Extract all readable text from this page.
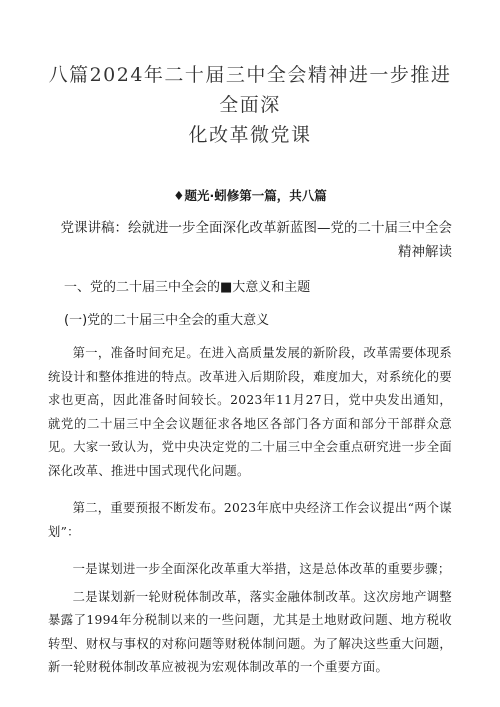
八篇2024年二十届三中全会精神进一步推进全面深
化改革微党课
♦题光·蚓修第一篇，共八篇
党课讲稿：绘就进一步全面深化改革新蓝图—党的二十届三中全会精神解读
一、党的二十届三中全会的■大意义和主题
(一)党的二十届三中全会的重大意义

第一，准备时间充足。在进入高质量发展的新阶段，改革需要体现系统设计和整体推进的特点。改革进入后期阶段，难度加大，对系统化的要求也更高，因此准备时间较长。2023年11月27日，党中央发出通知，就党的二十届三中全会议题征求各地区各部门各方面和部分干部群众意见。大家一致认为，党中央决定党的二十届三中全会重点研究进一步全面深化改革、推进中国式现代化问题。

第二，重要预报不断发布。2023年底中央经济工作会议提出“两个谋划”：

一是谋划进一步全面深化改革重大举措，这是总体改革的重要步骤；

二是谋划新一轮财税体制改革，落实金融体制改革。这次房地产调整暴露了1994年分税制以来的一些问题，尤其是土地财政问题、地方税收转型、财权与事权的对称问题等财税体制问题。为了解决这些重大问题，新一轮财税体制改革应被视为宏观体制改革的一个重要方面。
